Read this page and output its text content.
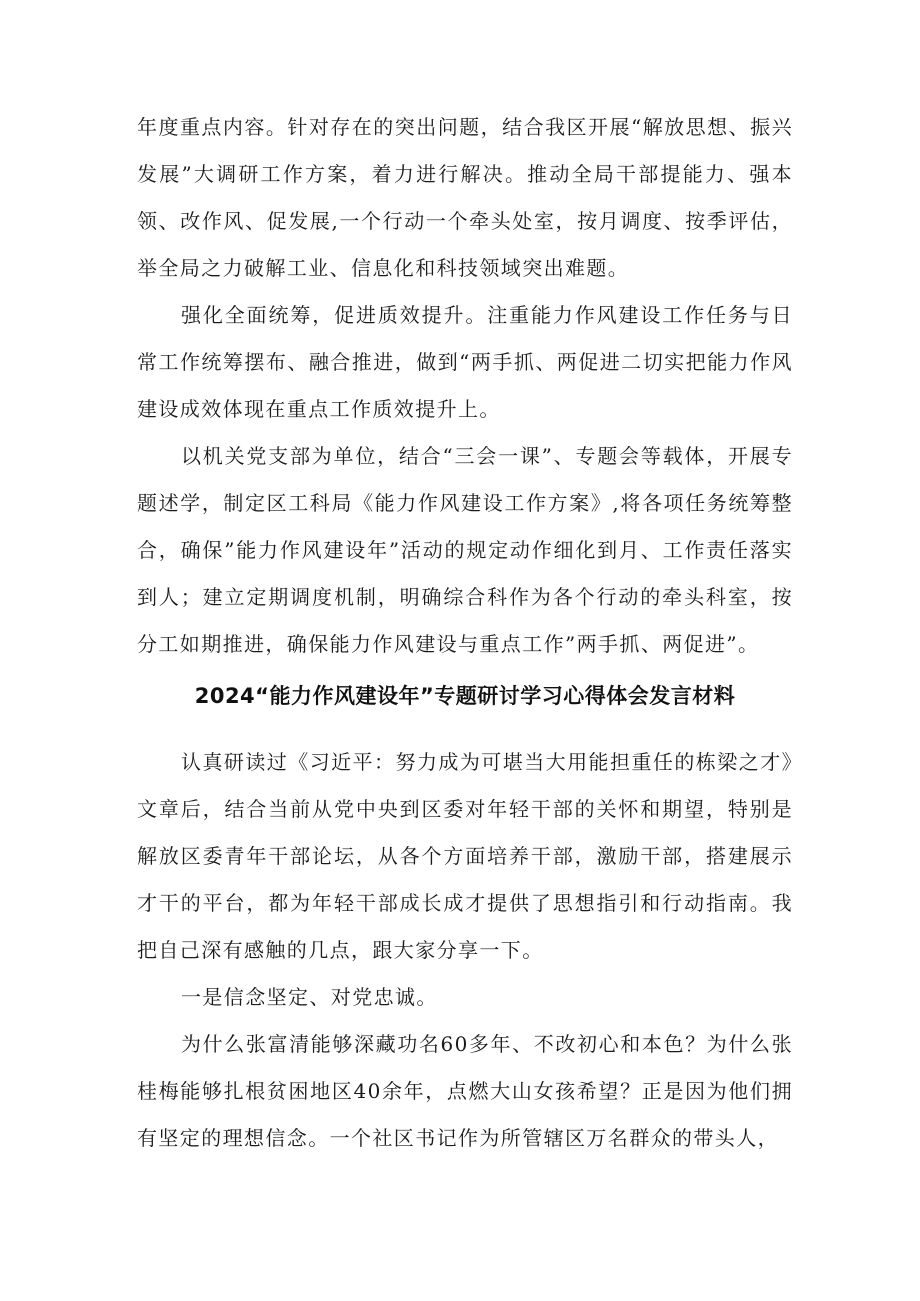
年度重点内容。针对存在的突出问题，结合我区开展“解放思想、振兴发展”大调研工作方案，着力进行解决。推动全局干部提能力、强本领、改作风、促发展,一个行动一个牵头处室，按月调度、按季评估，举全局之力破解工业、信息化和科技领域突出难题。

强化全面统筹，促进质效提升。注重能力作风建设工作任务与日常工作统筹摆布、融合推进，做到“两手抓、两促进二切实把能力作风建设成效体现在重点工作质效提升上。

以机关党支部为单位，结合“三会一课”、专题会等载体，开展专题述学，制定区工科局《能力作风建设工作方案》,将各项任务统筹整合，确保”能力作风建设年”活动的规定动作细化到月、工作责任落实到人；建立定期调度机制，明确综合科作为各个行动的牵头科室，按分工如期推进，确保能力作风建设与重点工作”两手抓、两促进”。

2024“能力作风建设年”专题研讨学习心得体会发言材料

认真研读过《习近平：努力成为可堪当大用能担重任的栋梁之才》文章后，结合当前从党中央到区委对年轻干部的关怀和期望，特别是解放区委青年干部论坛，从各个方面培养干部，激励干部，搭建展示才干的平台，都为年轻干部成长成才提供了思想指引和行动指南。我把自己深有感触的几点，跟大家分享一下。

一是信念坚定、对党忠诚。

为什么张富清能够深藏功名60多年、不改初心和本色？为什么张桂梅能够扎根贫困地区40余年，点燃大山女孩希望？正是因为他们拥有坚定的理想信念。一个社区书记作为所管辖区万名群众的带头人，
